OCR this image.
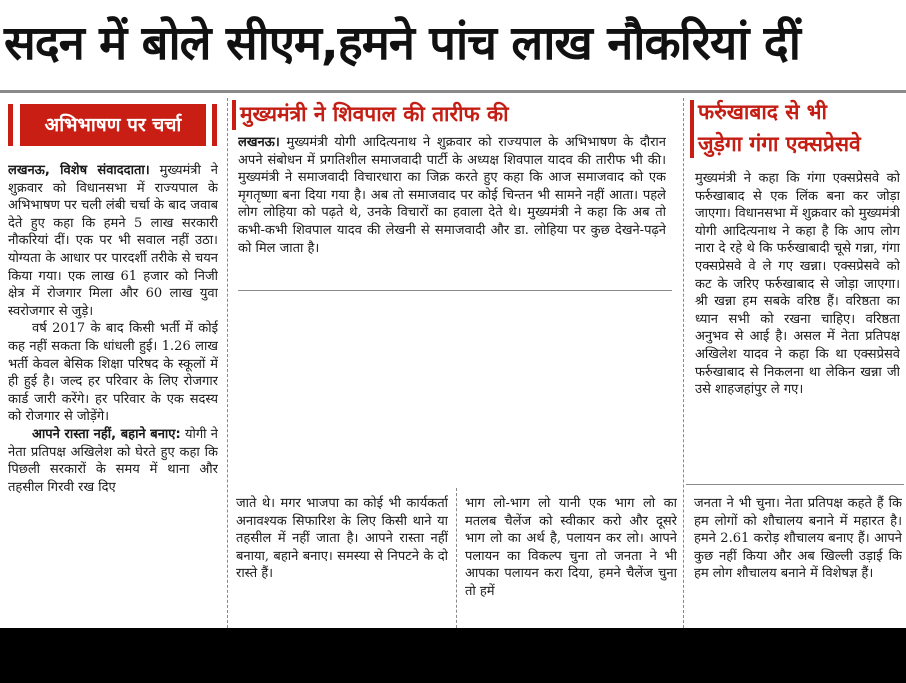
सदन में बोले सीएम,हमने पांच लाख नौकरियां दीं
अभिभाषण पर चर्चा

लखनऊ, विशेष संवाददाता। मुख्यमंत्री ने शुक्रवार को विधानसभा में राज्यपाल के अभिभाषण पर चली लंबी चर्चा के बाद जवाब देते हुए कहा कि हमने 5 लाख सरकारी नौकरियां दीं। एक पर भी सवाल नहीं उठा। योग्यता के आधार पर पारदर्शी तरीके से चयन किया गया। एक लाख 61 हजार को निजी क्षेत्र में रोजगार मिला और 60 लाख युवा स्वरोजगार से जुड़े।

वर्ष 2017 के बाद किसी भर्ती में कोई कह नहीं सकता कि धांधली हुई। 1.26 लाख भर्ती केवल बेसिक शिक्षा परिषद के स्कूलों में ही हुई है। जल्द हर परिवार के लिए रोजगार कार्ड जारी करेंगे। हर परिवार के एक सदस्य को रोजगार से जोड़ेंगे।

आपने रास्ता नहीं, बहाने बनाए: योगी ने नेता प्रतिपक्ष अखिलेश को घेरते हुए कहा कि पिछली सरकारों के समय में थाना और तहसील गिरवी रख दिए

मुख्यमंत्री ने शिवपाल की तारीफ की

लखनऊ। मुख्यमंत्री योगी आदित्यनाथ ने शुक्रवार को राज्यपाल के अभिभाषण के दौरान अपने संबोधन में प्रगतिशील समाजवादी पार्टी के अध्यक्ष शिवपाल यादव की तारीफ भी की। मुख्यमंत्री ने समाजवादी विचारधारा का जिक्र करते हुए कहा कि आज समाजवाद को एक मृगतृष्णा बना दिया गया है। अब तो समाजवाद पर कोई चिन्तन भी सामने नहीं आता। पहले लोग लोहिया को पढ़ते थे, उनके विचारों का हवाला देते थे। मुख्यमंत्री ने कहा कि अब तो कभी-कभी शिवपाल यादव की लेखनी से समाजवादी और डा. लोहिया पर कुछ देखने-पढ़ने को मिल जाता है।

फर्रुखाबाद से भी
जुड़ेगा गंगा एक्सप्रेसवे

मुख्यमंत्री ने कहा कि गंगा एक्सप्रेसवे को फर्रुखाबाद से एक लिंक बना कर जोड़ा जाएगा। विधानसभा में शुक्रवार को मुख्यमंत्री योगी आदित्यनाथ ने कहा है कि आप लोग नारा दे रहे थे कि फर्रुखाबादी चूसे गन्ना, गंगा एक्सप्रेसवे वे ले गए खन्ना। एक्सप्रेसवे को कट के जरिए फर्रुखाबाद से जोड़ा जाएगा। श्री खन्ना हम सबके वरिष्ठ हैं। वरिष्ठता का ध्यान सभी को रखना चाहिए। वरिष्ठता अनुभव से आई है। असल में नेता प्रतिपक्ष अखिलेश यादव ने कहा कि था एक्सप्रेसवे फर्रुखाबाद से निकलना था लेकिन खन्ना जी उसे शाहजहांपुर ले गए।

जाते थे। मगर भाजपा का कोई भी कार्यकर्ता अनावश्यक सिफारिश के लिए किसी थाने या तहसील में नहीं जाता है। आपने रास्ता नहीं बनाया, बहाने बनाए। समस्या से निपटने के दो रास्ते हैं।

भाग लो-भाग लो यानी एक भाग लो का मतलब चैलेंज को स्वीकार करो और दूसरे भाग लो का अर्थ है, पलायन कर लो। आपने पलायन का विकल्प चुना तो जनता ने भी आपका पलायन करा दिया, हमने चैलेंज चुना तो हमें

जनता ने भी चुना। नेता प्रतिपक्ष कहते हैं कि हम लोगों को शौचालय बनाने में महारत है। हमने 2.61 करोड़ शौचालय बनाए हैं। आपने कुछ नहीं किया और अब खिल्ली उड़ाई कि हम लोग शौचालय बनाने में विशेषज्ञ हैं।
